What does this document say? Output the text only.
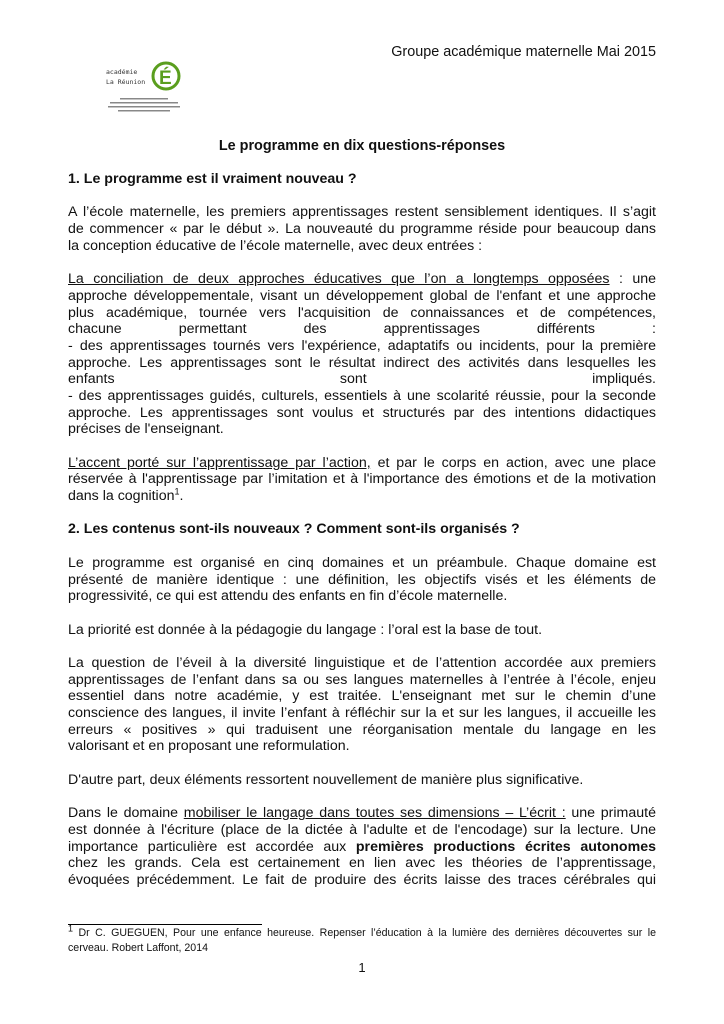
Groupe académique maternelle Mai 2015
académie
La Réunion É
Le programme en dix questions-réponses
1. Le programme est il vraiment nouveau ?
A l’école maternelle, les premiers apprentissages restent sensiblement identiques. Il s’agit
de commencer « par le début ». La nouveauté du programme réside pour beaucoup dans
la conception éducative de l’école maternelle, avec deux entrées :
La conciliation de deux approches éducatives que l’on a longtemps opposées : une
approche développementale, visant un développement global de l'enfant et une approche
plus académique, tournée vers l'acquisition de connaissances et de compétences,
chacune permettant des apprentissages différents :
- des apprentissages tournés vers l'expérience, adaptatifs ou incidents, pour la première
approche. Les apprentissages sont le résultat indirect des activités dans lesquelles les
enfants sont impliqués.
- des apprentissages guidés, culturels, essentiels à une scolarité réussie, pour la seconde
approche. Les apprentissages sont voulus et structurés par des intentions didactiques
précises de l'enseignant.
L’accent porté sur l’apprentissage par l’action, et par le corps en action, avec une place
réservée à l'apprentissage par l’imitation et à l'importance des émotions et de la motivation
dans la cognition$^1$.
2. Les contenus sont-ils nouveaux ? Comment sont-ils organisés ?
Le programme est organisé en cinq domaines et un préambule. Chaque domaine est
présenté de manière identique : une définition, les objectifs visés et les éléments de
progressivité, ce qui est attendu des enfants en fin d’école maternelle.
La priorité est donnée à la pédagogie du langage : l’oral est la base de tout.
La question de l’éveil à la diversité linguistique et de l’attention accordée aux premiers
apprentissages de l’enfant dans sa ou ses langues maternelles à l’entrée à l’école, enjeu
essentiel dans notre académie, y est traitée. L'enseignant met sur le chemin d’une
conscience des langues, il invite l’enfant à réfléchir sur la et sur les langues, il accueille les
erreurs « positives » qui traduisent une réorganisation mentale du langage en les
valorisant et en proposant une reformulation.
D'autre part, deux éléments ressortent nouvellement de manière plus significative.
Dans le domaine mobiliser le langage dans toutes ses dimensions – L’écrit : une primauté
est donnée à l'écriture (place de la dictée à l'adulte et de l'encodage) sur la lecture. Une
importance particulière est accordée aux premières productions écrites autonomes
chez les grands. Cela est certainement en lien avec les théories de l’apprentissage,
évoquées précédemment. Le fait de produire des écrits laisse des traces cérébrales qui
$^1$ Dr C. GUEGUEN, Pour une enfance heureuse. Repenser l’éducation à la lumière des dernières découvertes sur le cerveau. Robert Laffont, 2014
1
